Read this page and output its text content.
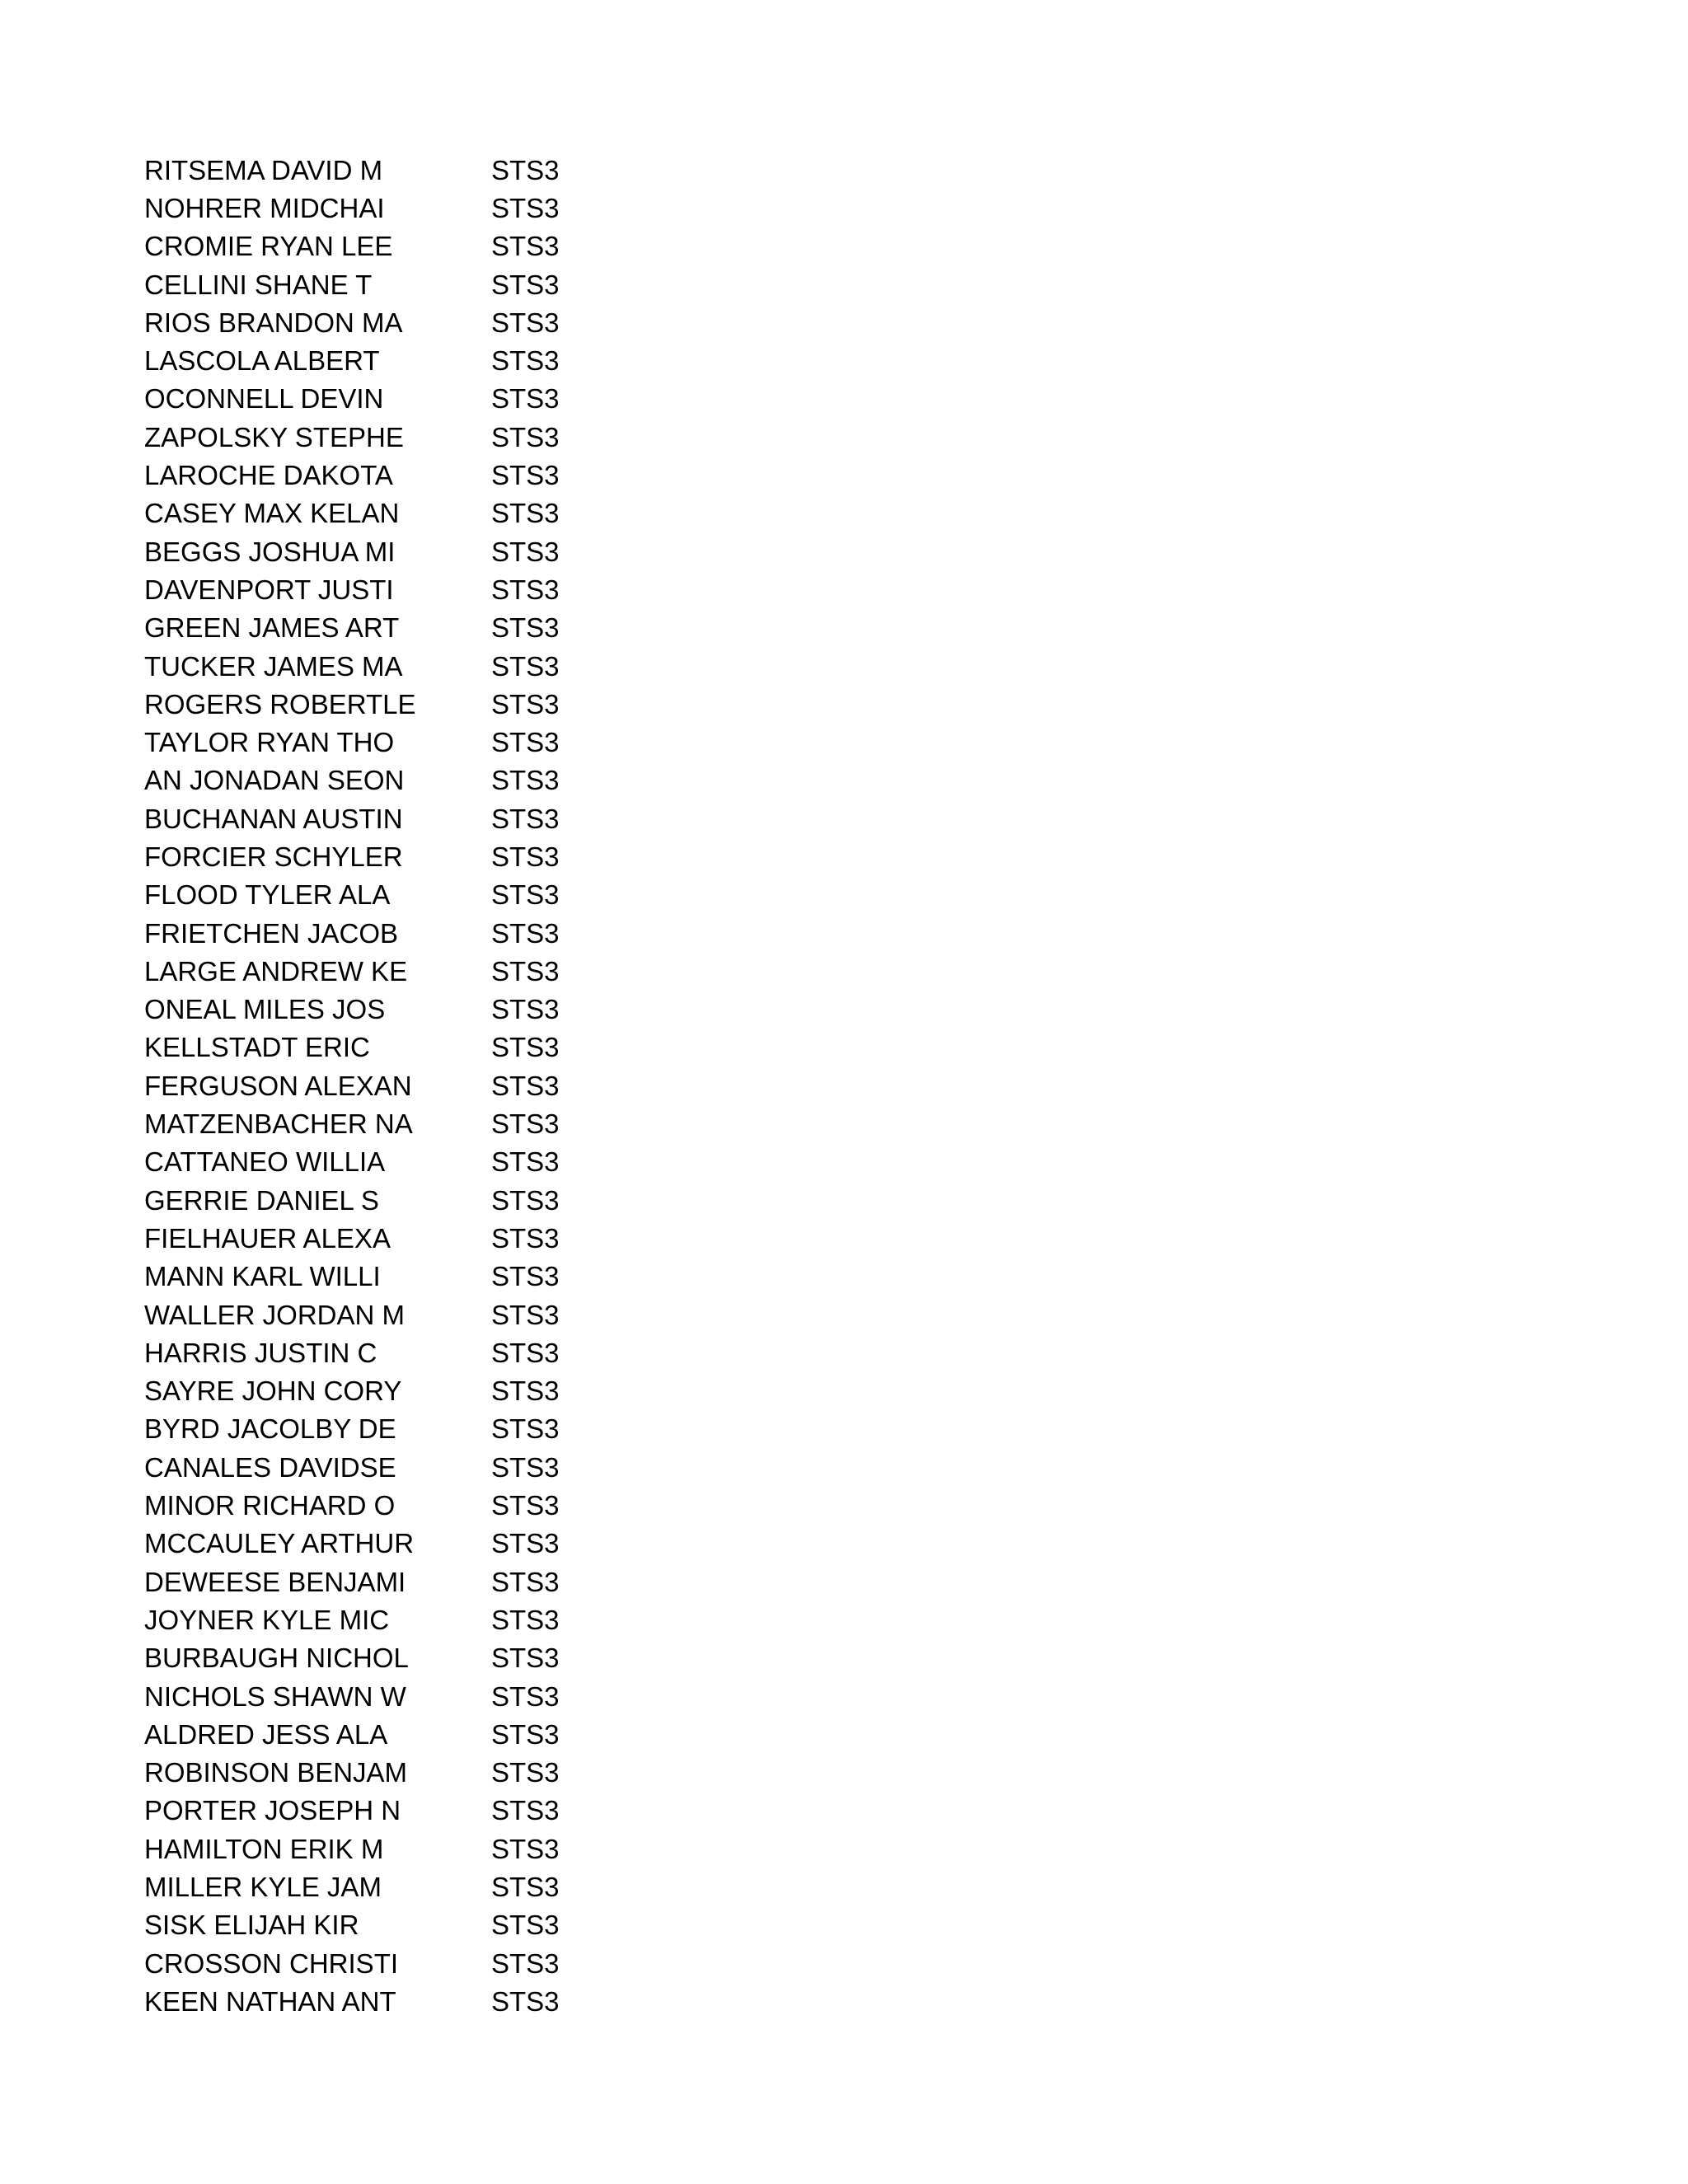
RITSEMA DAVID M	STS3
NOHRER MIDCHAI	STS3
CROMIE RYAN LEE	STS3
CELLINI SHANE T	STS3
RIOS BRANDON MA	STS3
LASCOLA ALBERT	STS3
OCONNELL DEVIN	STS3
ZAPOLSKY STEPHE	STS3
LAROCHE DAKOTA	STS3
CASEY MAX KELAN	STS3
BEGGS JOSHUA MI	STS3
DAVENPORT JUSTI	STS3
GREEN JAMES ART	STS3
TUCKER JAMES MA	STS3
ROGERS ROBERTLE	STS3
TAYLOR RYAN THO	STS3
AN JONADAN SEON	STS3
BUCHANAN AUSTIN	STS3
FORCIER SCHYLER	STS3
FLOOD TYLER ALA	STS3
FRIETCHEN JACOB	STS3
LARGE ANDREW KE	STS3
ONEAL MILES JOS	STS3
KELLSTADT ERIC	STS3
FERGUSON ALEXAN	STS3
MATZENBACHER NA	STS3
CATTANEO WILLIA	STS3
GERRIE DANIEL S	STS3
FIELHAUER ALEXA	STS3
MANN KARL WILLI	STS3
WALLER JORDAN M	STS3
HARRIS JUSTIN C	STS3
SAYRE JOHN CORY	STS3
BYRD JACOLBY DE	STS3
CANALES DAVIDSE	STS3
MINOR RICHARD O	STS3
MCCAULEY ARTHUR	STS3
DEWEESE BENJAMI	STS3
JOYNER KYLE MIC	STS3
BURBAUGH NICHOL	STS3
NICHOLS SHAWN W	STS3
ALDRED JESS ALA	STS3
ROBINSON BENJAM	STS3
PORTER JOSEPH N	STS3
HAMILTON ERIK M	STS3
MILLER KYLE JAM	STS3
SISK ELIJAH KIR	STS3
CROSSON CHRISTI	STS3
KEEN NATHAN ANT	STS3
